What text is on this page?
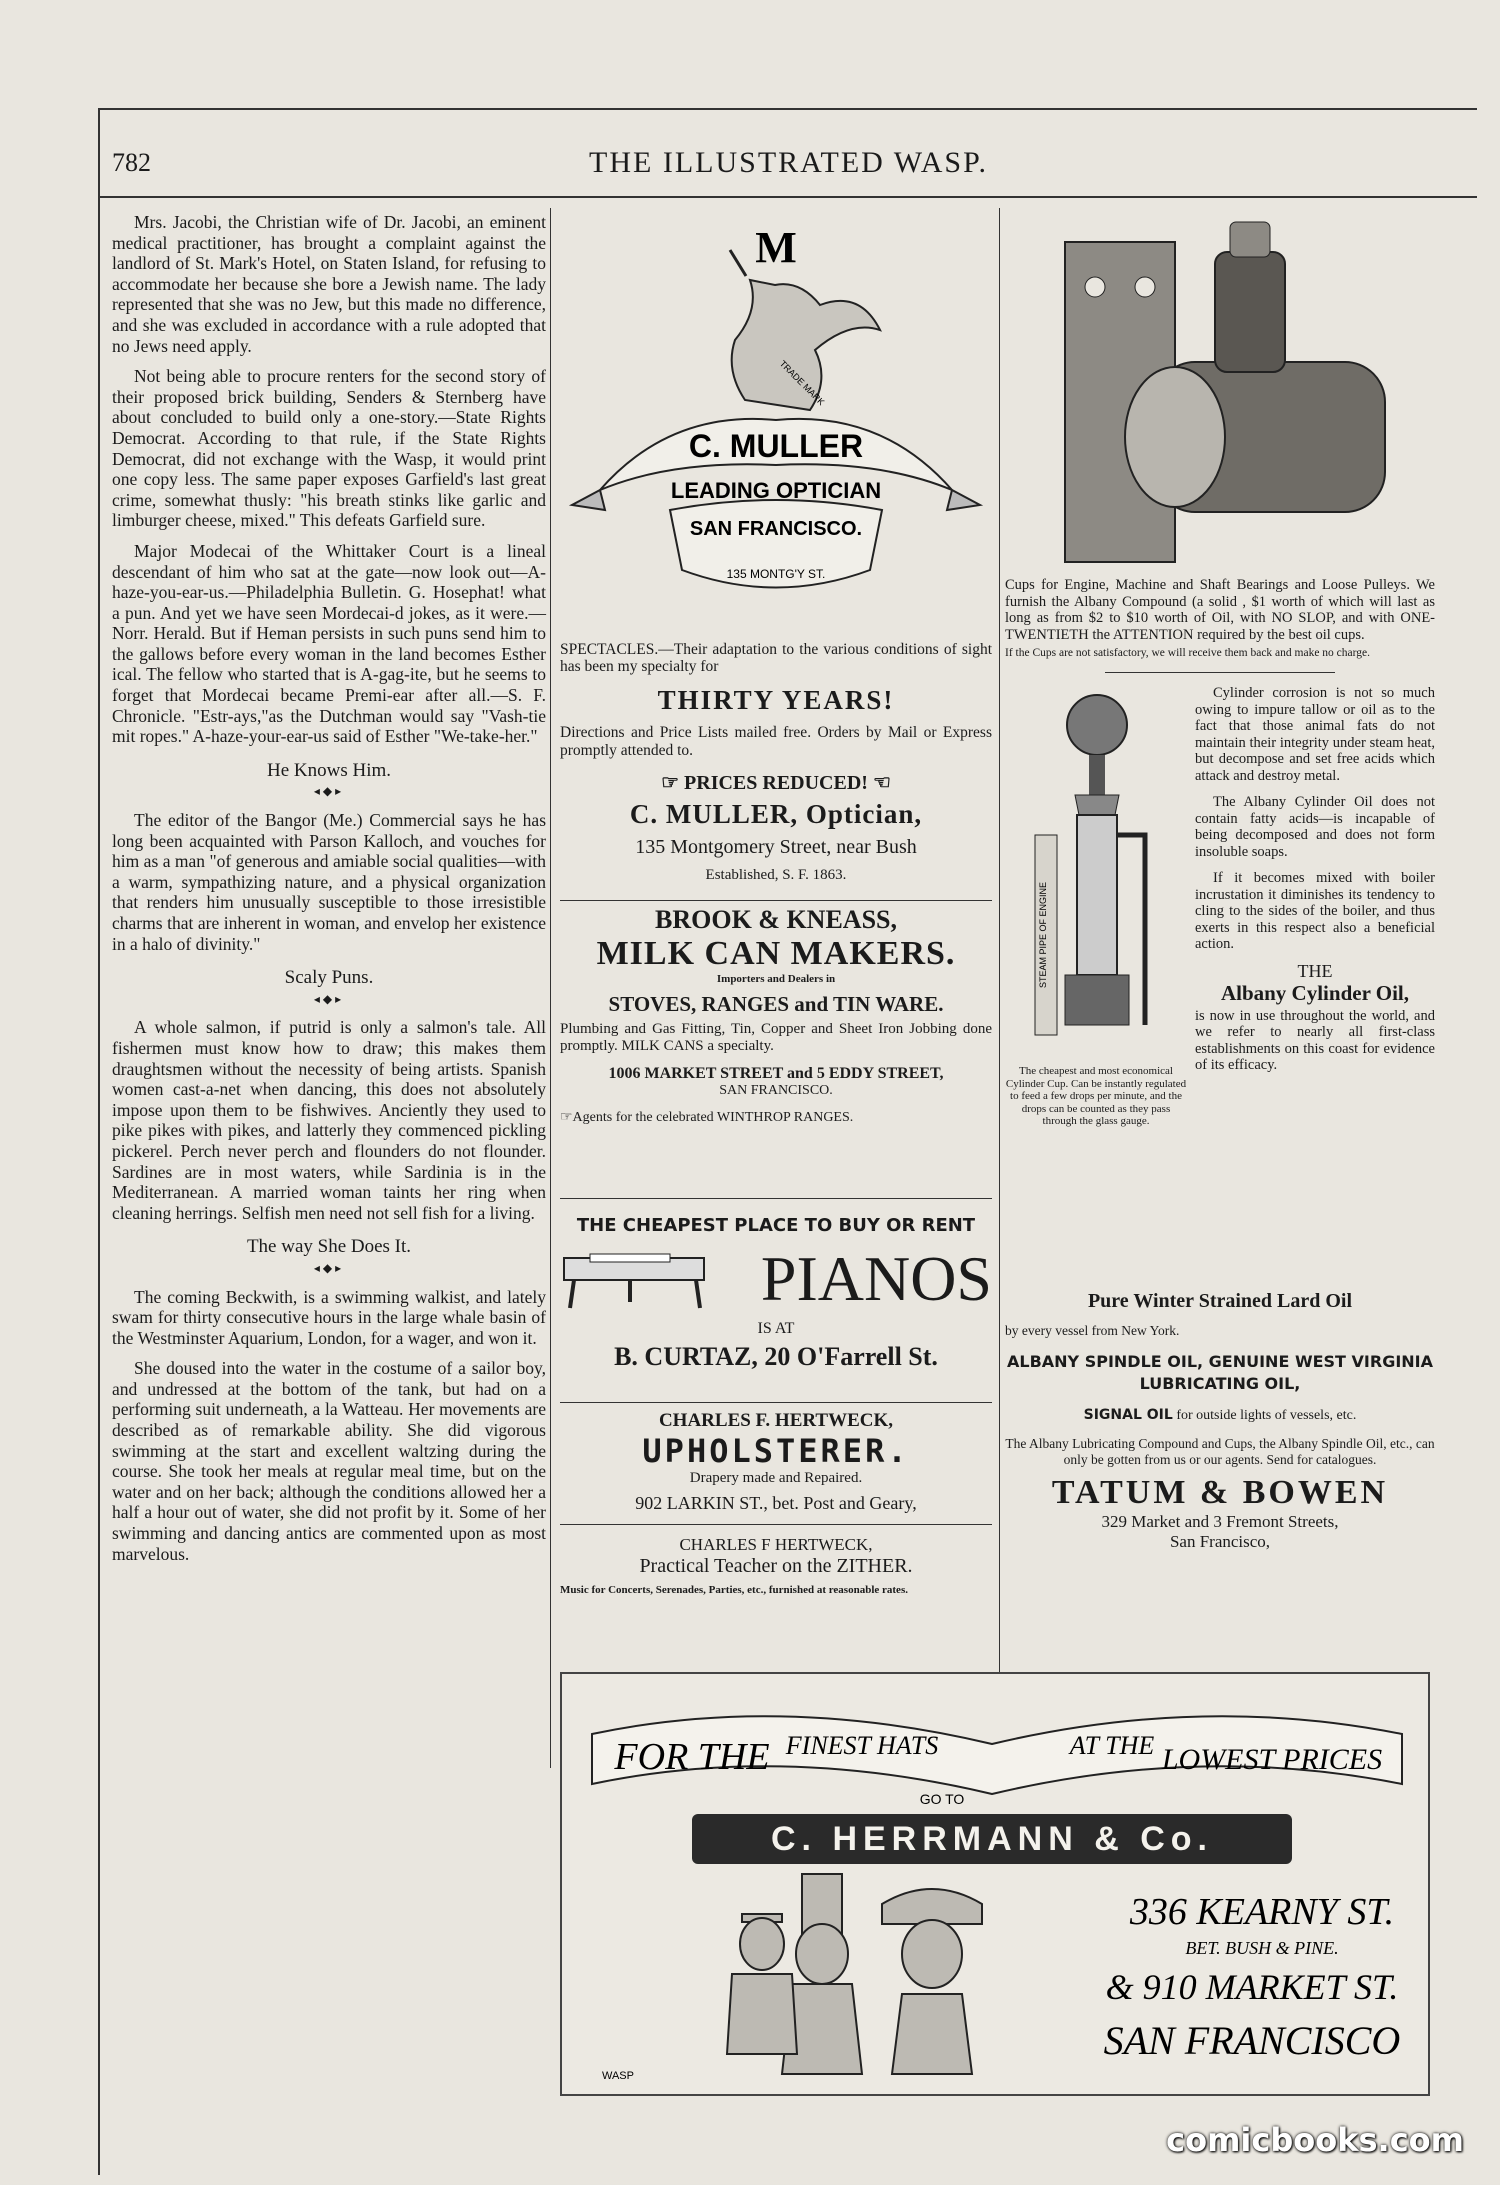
782	THE ILLUSTRATED WASP.

Mrs. Jacobi, the Christian wife of Dr. Jacobi, an eminent medical practitioner, has brought a complaint against the landlord of St. Mark's Hotel, on Staten Island, for refusing to accommodate her because she bore a Jewish name. The lady represented that she was no Jew, but this made no difference, and she was excluded in accordance with a rule adopted that no Jews need apply.

Not being able to procure renters for the second story of their proposed brick building, Senders & Sternberg have about concluded to build only a one-story.—State Rights Democrat. According to that rule, if the State Rights Democrat, did not exchange with the Wasp, it would print one copy less. The same paper exposes Garfield's last great crime, somewhat thusly: "his breath stinks like garlic and limburger cheese, mixed." This defeats Garfield sure.

Major Modecai of the Whittaker Court is a lineal descendant of him who sat at the gate—now look out—A-haze-you-ear-us.—Philadelphia Bulletin. G. Hosephat! what a pun. And yet we have seen Mordecai-d jokes, as it were.—Norr. Herald. But if Heman persists in such puns send him to the gallows before every woman in the land becomes Esther ical. The fellow who started that is A-gag-ite, but he seems to forget that Mordecai became Premi-ear after all.—S. F. Chronicle. "Estr-ays,"as the Dutchman would say "Vash-tie mit ropes." A-haze-your-ear-us said of Esther "We-take-her."

He Knows Him.
◂◆▸

The editor of the Bangor (Me.) Commercial says he has long been acquainted with Parson Kalloch, and vouches for him as a man "of generous and amiable social qualities—with a warm, sympathizing nature, and a physical organization that renders him unusually susceptible to those irresistible charms that are inherent in woman, and envelop her existence in a halo of divinity."

Scaly Puns.
◂◆▸

A whole salmon, if putrid is only a salmon's tale. All fishermen must know how to draw; this makes them draughtsmen without the necessity of being artists. Spanish women cast-a-net when dancing, this does not absolutely impose upon them to be fishwives. Anciently they used to pike pikes with pikes, and latterly they commenced pickling pickerel. Perch never perch and flounders do not flounder. Sardines are in most waters, while Sardinia is in the Mediterranean. A married woman taints her ring when cleaning herrings. Selfish men need not sell fish for a living.

The way She Does It.
◂◆▸

The coming Beckwith, is a swimming walkist, and lately swam for thirty consecutive hours in the large whale basin of the Westminster Aquarium, London, for a wager, and won it.

She doused into the water in the costume of a sailor boy, and undressed at the bottom of the tank, but had on a performing suit underneath, a la Watteau. Her movements are described as of remarkable ability. She did vigorous swimming at the start and excellent waltzing during the course. She took her meals at regular meal time, but on the water and on her back; although the conditions allowed her a half a hour out of water, she did not profit by it. Some of her swimming and dancing antics are commented upon as most marvelous.

M
C. MULLER
LEADING OPTICIAN
SAN FRANCISCO.
135 MONTG'Y ST.
TRADE MARK
SPECTACLES.—Their adaptation to the various conditions of sight has been my specialty for
THIRTY YEARS!
Directions and Price Lists mailed free. Orders by Mail or Express promptly attended to.
☞ PRICES REDUCED! ☜
C. MULLER, Optician,
135 Montgomery Street, near Bush
Established, S. F. 1863.
BROOK & KNEASS,
MILK CAN MAKERS.
Importers and Dealers in
STOVES, RANGES and TIN WARE.
Plumbing and Gas Fitting, Tin, Copper and Sheet Iron Jobbing done promptly. MILK CANS a specialty.
1006 MARKET STREET and 5 EDDY STREET,
SAN FRANCISCO.
☞Agents for the celebrated WINTHROP RANGES.
THE CHEAPEST PLACE TO BUY OR RENT
PIANOS
IS AT
B. CURTAZ, 20 O'Farrell St.
CHARLES F. HERTWECK,
UPHOLSTERER.
Drapery made and Repaired.
902 LARKIN ST., bet. Post and Geary,
CHARLES F HERTWECK,
Practical Teacher on the ZITHER.
Music for Concerts, Serenades, Parties, etc., furnished at reasonable rates.
Cups for Engine, Machine and Shaft Bearings and Loose Pulleys. We furnish the Albany Compound (a solid , $1 worth of which will last as long as from $2 to $10 worth of Oil, with NO SLOP, and with ONE-TWENTIETH the ATTENTION required by the best oil cups.
If the Cups are not satisfactory, we will receive them back and make no charge.
STEAM PIPE OF ENGINE
The cheapest and most economical Cylinder Cup. Can be instantly regulated to feed a few drops per minute, and the drops can be counted as they pass through the glass gauge.

Cylinder corrosion is not so much owing to impure tallow or oil as to the fact that those animal fats do not maintain their integrity under steam heat, but decompose and set free acids which attack and destroy metal.

The Albany Cylinder Oil does not contain fatty acids—is incapable of being decomposed and does not form insoluble soaps.

If it becomes mixed with boiler incrustation it diminishes its tendency to cling to the sides of the boiler, and thus exerts in this respect also a beneficial action.

THE
Albany Cylinder Oil,

is now in use throughout the world, and we refer to nearly all first-class establishments on this coast for evidence of its efficacy.

Pure Winter Strained Lard Oil
by every vessel from New York.
ALBANY SPINDLE OIL, GENUINE WEST VIRGINIA LUBRICATING OIL,
SIGNAL OIL for outside lights of vessels, etc.
The Albany Lubricating Compound and Cups, the Albany Spindle Oil, etc., can only be gotten from us or our agents. Send for catalogues.
TATUM & BOWEN
329 Market and 3 Fremont Streets,
San Francisco,
FOR THE FINEST HATS	AT THE LOWEST PRICES
GO TO
C. HERRMANN & Co.
336 KEARNY ST.
BET. BUSH & PINE.
& 910 MARKET ST.
SAN FRANCISCO
WASP
comicbooks.com
